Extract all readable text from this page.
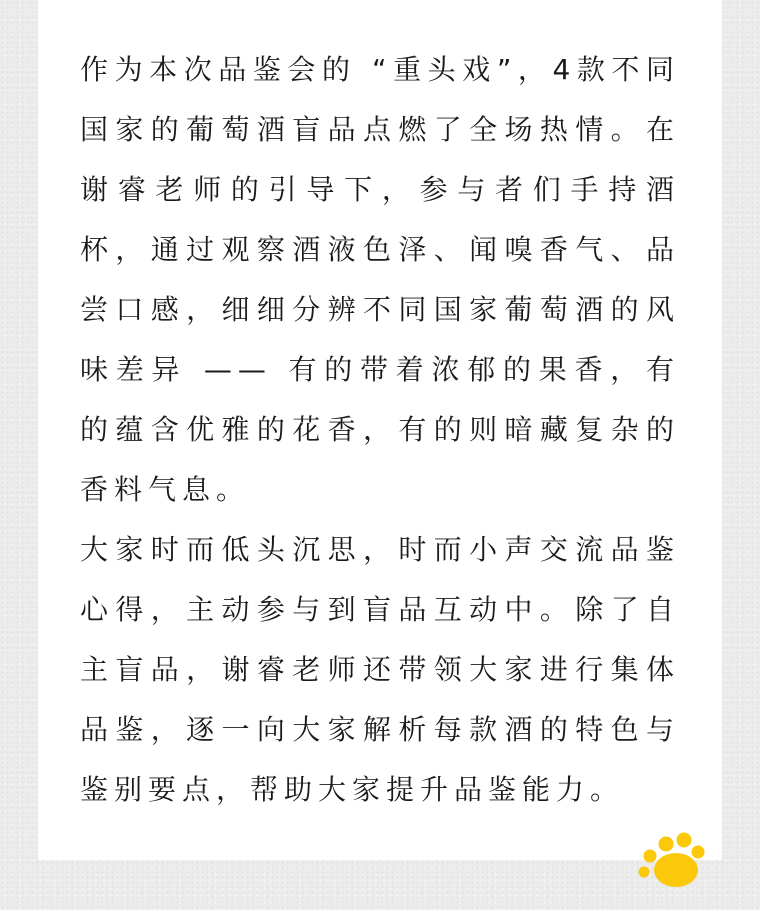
作为本次品鉴会的 “重头戏”，4款不同国家的葡萄酒盲品点燃了全场热情。在谢睿老师的引导下，参与者们手持酒杯，通过观察酒液色泽、闻嗅香气、品尝口感，细细分辨不同国家葡萄酒的风味差异 —— 有的带着浓郁的果香，有的蕴含优雅的花香，有的则暗藏复杂的香料气息。

大家时而低头沉思，时而小声交流品鉴心得，主动参与到盲品互动中。除了自主盲品，谢睿老师还带领大家进行集体品鉴，逐一向大家解析每款酒的特色与鉴别要点，帮助大家提升品鉴能力。
